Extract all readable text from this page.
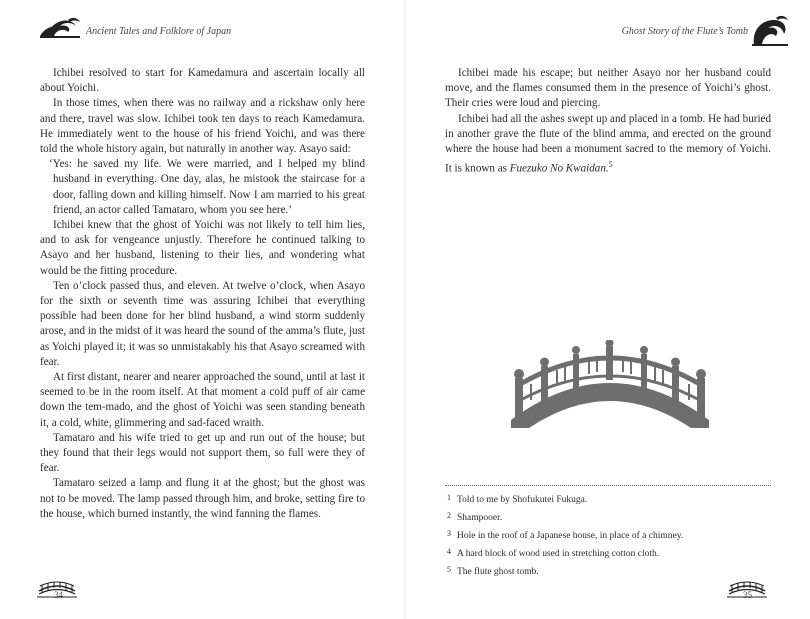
Ancient Tales and Folklore of Japan

Ichibei resolved to start for Kamedamura and ascertain locally all about Yoichi.

In those times, when there was no railway and a rickshaw only here and there, travel was slow. Ichibei took ten days to reach Kamedamura. He immediately went to the house of his friend Yoichi, and was there told the whole history again, but naturally in another way. Asayo said:

‘Yes: he saved my life. We were married, and I helped my blind husband in everything. One day, alas, he mistook the staircase for a door, falling down and killing himself. Now I am married to his great friend, an actor called Tamataro, whom you see here.’

Ichibei knew that the ghost of Yoichi was not likely to tell him lies, and to ask for vengeance unjustly. Therefore he continued talking to Asayo and her husband, listening to their lies, and wondering what would be the fitting procedure.

Ten o’clock passed thus, and eleven. At twelve o’clock, when Asayo for the sixth or seventh time was assuring Ichibei that everything possible had been done for her blind husband, a wind storm suddenly arose, and in the midst of it was heard the sound of the amma’s flute, just as Yoichi played it; it was so unmistakably his that Asayo screamed with fear.

At first distant, nearer and nearer approached the sound, until at last it seemed to be in the room itself. At that moment a cold puff of air came down the tem-mado, and the ghost of Yoichi was seen standing beneath it, a cold, white, glimmering and sad-faced wraith.

Tamataro and his wife tried to get up and run out of the house; but they found that their legs would not support them, so full were they of fear.

Tamataro seized a lamp and flung it at the ghost; but the ghost was not to be moved. The lamp passed through him, and broke, setting fire to the house, which burned instantly, the wind fanning the flames.

34
Ghost Story of the Flute’s Tomb

Ichibei made his escape; but neither Asayo nor her husband could move, and the flames consumed them in the presence of Yoichi’s ghost. Their cries were loud and piercing.

Ichibei had all the ashes swept up and placed in a tomb. He had buried in another grave the flute of the blind amma, and erected on the ground where the house had been a monument sacred to the memory of Yoichi. It is known as Fuezuko No Kwaidan.$^5$

$^1$ Told to me by Shofukutei Fukuga.
$^2$ Shampooer.
$^3$ Hole in the roof of a Japanese house, in place of a chimney.
$^4$ A hard block of wood used in stretching cotton cloth.
$^5$ The flute ghost tomb.
35
